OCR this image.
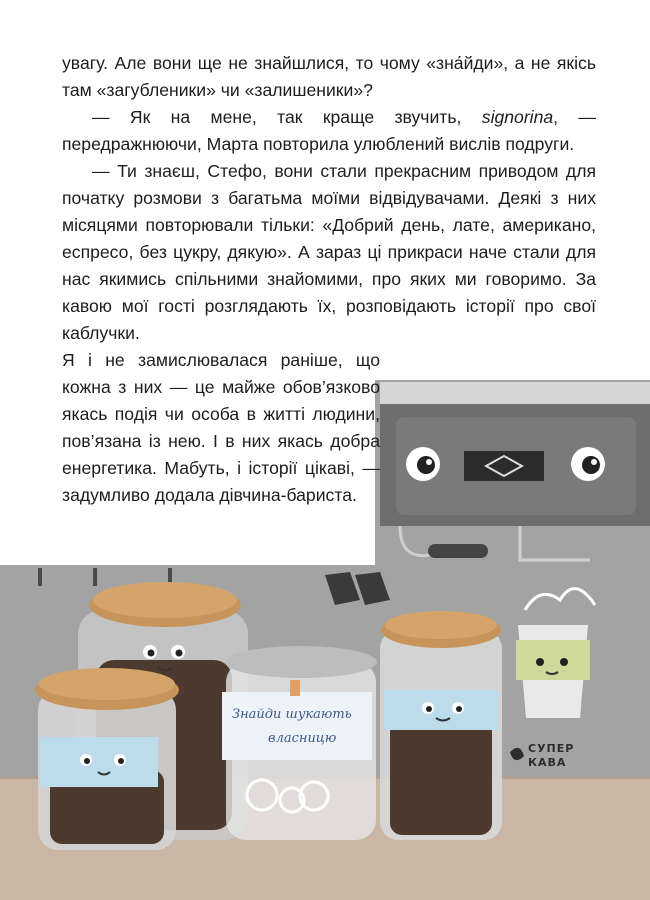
Знайди шукають
власницю
СУПЕР
КАВА

увагу. Але вони ще не знайшлися, то чому «зна́йди», а не якісь там «загубленики» чи «залишеники»?

— Як на мене, так краще звучить, signorina, — передражнюючи, Марта повторила улюблений вислів подруги.

— Ти знаєш, Стефо, вони стали прекрасним приводом для початку розмови з багатьма моїми відвідувачами. Деякі з них місяцями повторювали тільки: «Добрий день, лате, американо, еспресо, без цукру, дякую». А зараз ці прикраси наче стали для нас якимись спільними знайомими, про яких ми говоримо. За кавою мої гості розглядають їх, розповідають історії про свої каблучки.

Я і не замислювалася раніше, що кожна з них — це майже обов’язково якась подія чи особа в житті людини, пов’язана із нею. І в них якась добра енергетика. Мабуть, і історії цікаві, — задумливо додала дівчина-бариста.
